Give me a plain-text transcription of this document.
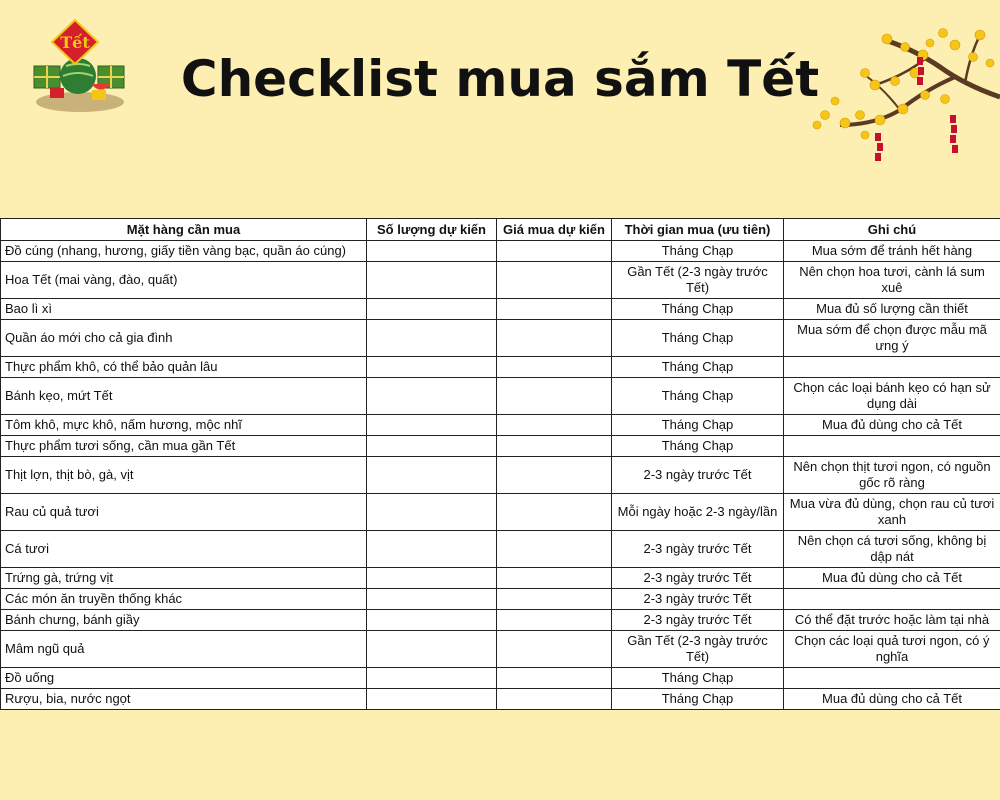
Tết
Checklist mua sắm Tết
Mặt hàng cần mua	Số lượng dự kiến	Giá mua dự kiến	Thời gian mua (ưu tiên)	Ghi chú
Đồ cúng (nhang, hương, giấy tiền vàng bạc, quần áo cúng)			Tháng Chạp	Mua sớm để tránh hết hàng
Hoa Tết (mai vàng, đào, quất)			Gần Tết (2-3 ngày trước Tết)	Nên chọn hoa tươi, cành lá sum xuê
Bao lì xì			Tháng Chạp	Mua đủ số lượng cần thiết
Quần áo mới cho cả gia đình			Tháng Chạp	Mua sớm để chọn được mẫu mã ưng ý
Thực phẩm khô, có thể bảo quản lâu			Tháng Chạp	
Bánh kẹo, mứt Tết			Tháng Chạp	Chọn các loại bánh kẹo có hạn sử dụng dài
Tôm khô, mực khô, nấm hương, mộc nhĩ			Tháng Chạp	Mua đủ dùng cho cả Tết
Thực phẩm tươi sống, cần mua gần Tết			Tháng Chạp	
Thịt lợn, thịt bò, gà, vịt			2-3 ngày trước Tết	Nên chọn thịt tươi ngon, có nguồn gốc rõ ràng
Rau củ quả tươi			Mỗi ngày hoặc 2-3 ngày/lần	Mua vừa đủ dùng, chọn rau củ tươi xanh
Cá tươi			2-3 ngày trước Tết	Nên chọn cá tươi sống, không bị dập nát
Trứng gà, trứng vịt			2-3 ngày trước Tết	Mua đủ dùng cho cả Tết
Các món ăn truyền thống khác			2-3 ngày trước Tết	
Bánh chưng, bánh giầy			2-3 ngày trước Tết	Có thể đặt trước hoặc làm tại nhà
Mâm ngũ quả			Gần Tết (2-3 ngày trước Tết)	Chọn các loại quả tươi ngon, có ý nghĩa
Đồ uống			Tháng Chạp	
Rượu, bia, nước ngọt			Tháng Chạp	Mua đủ dùng cho cả Tết
